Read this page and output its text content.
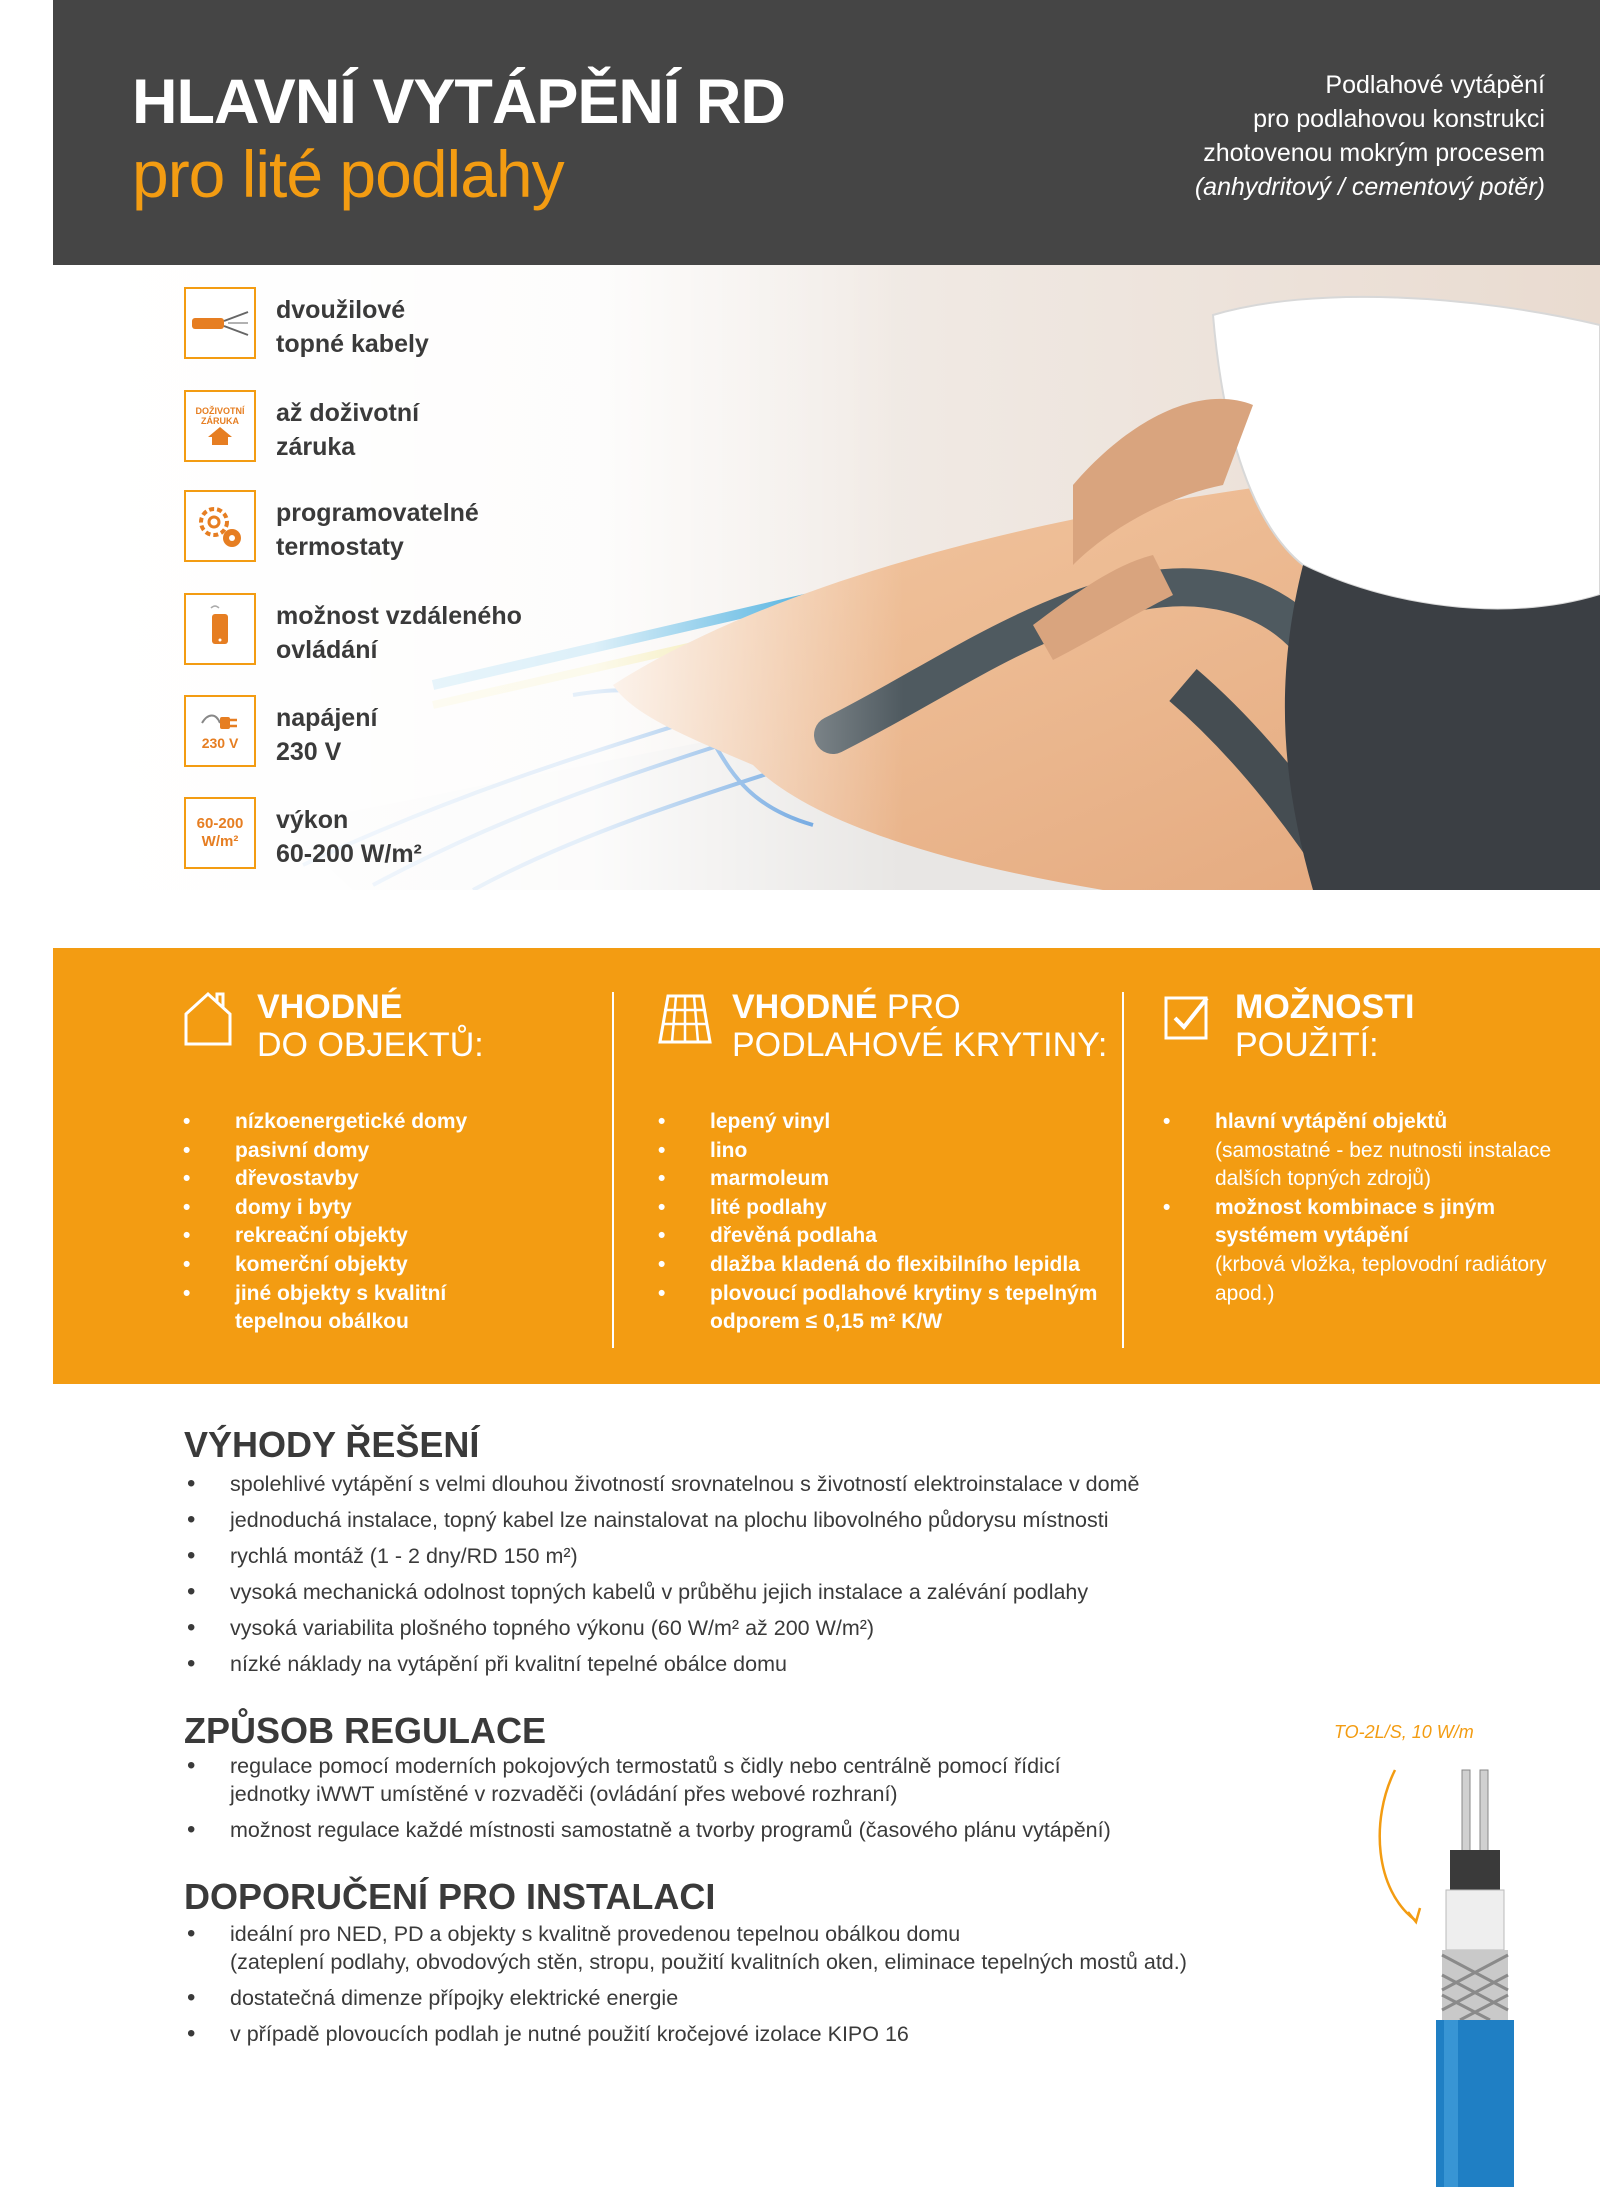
HLAVNÍ VYTÁPĚNÍ RD
pro lité podlahy
Podlahové vytápění
pro podlahovou konstrukci
zhotovenou mokrým procesem
(anhydritový / cementový potěr)
dvoužilové
topné kabely
DOŽIVOTNÍ
ZÁRUKA až doživotní
záruka
programovatelné
termostaty
možnost vzdáleného
ovládání
230 V
napájení
230 V
60-200
W/m²
výkon
60-200 W/m²
VHODNÉ
DO OBJEKTŮ:
• nízkoenergetické domy
• pasivní domy
• dřevostavby
• domy i byty
• rekreační objekty
• komerční objekty
• jiné objekty s kvalitní
tepelnou obálkou
VHODNÉ PRO
PODLAHOVÉ KRYTINY:
• lepený vinyl
• lino
• marmoleum
• lité podlahy
• dřevěná podlaha
• dlažba kladená do flexibilního lepidla
• plovoucí podlahové krytiny s tepelným
odporem ≤ 0,15 m² K/W
MOŽNOSTI
POUŽITÍ:
• hlavní vytápění objektů
(samostatné - bez nutnosti instalace
dalších topných zdrojů)
• možnost kombinace s jiným
systémem vytápění
(krbová vložka, teplovodní radiátory
apod.)
VÝHODY ŘEŠENÍ
• spolehlivé vytápění s velmi dlouhou životností srovnatelnou s životností elektroinstalace v domě
• jednoduchá instalace, topný kabel lze nainstalovat na plochu libovolného půdorysu místnosti
• rychlá montáž (1 - 2 dny/RD 150 m²)
• vysoká mechanická odolnost topných kabelů v průběhu jejich instalace a zalévání podlahy
• vysoká variabilita plošného topného výkonu (60 W/m² až 200 W/m²)
• nízké náklady na vytápění při kvalitní tepelné obálce domu
ZPŮSOB REGULACE
• regulace pomocí moderních pokojových termostatů s čidly nebo centrálně pomocí řídicí
jednotky iWWT umístěné v rozvaděči (ovládání přes webové rozhraní)
• možnost regulace každé místnosti samostatně a tvorby programů (časového plánu vytápění)
DOPORUČENÍ PRO INSTALACI
• ideální pro NED, PD a objekty s kvalitně provedenou tepelnou obálkou domu
(zateplení podlahy, obvodových stěn, stropu, použití kvalitních oken, eliminace tepelných mostů atd.)
• dostatečná dimenze přípojky elektrické energie
• v případě plovoucích podlah je nutné použití kročejové izolace KIPO 16
TO-2L/S, 10 W/m
